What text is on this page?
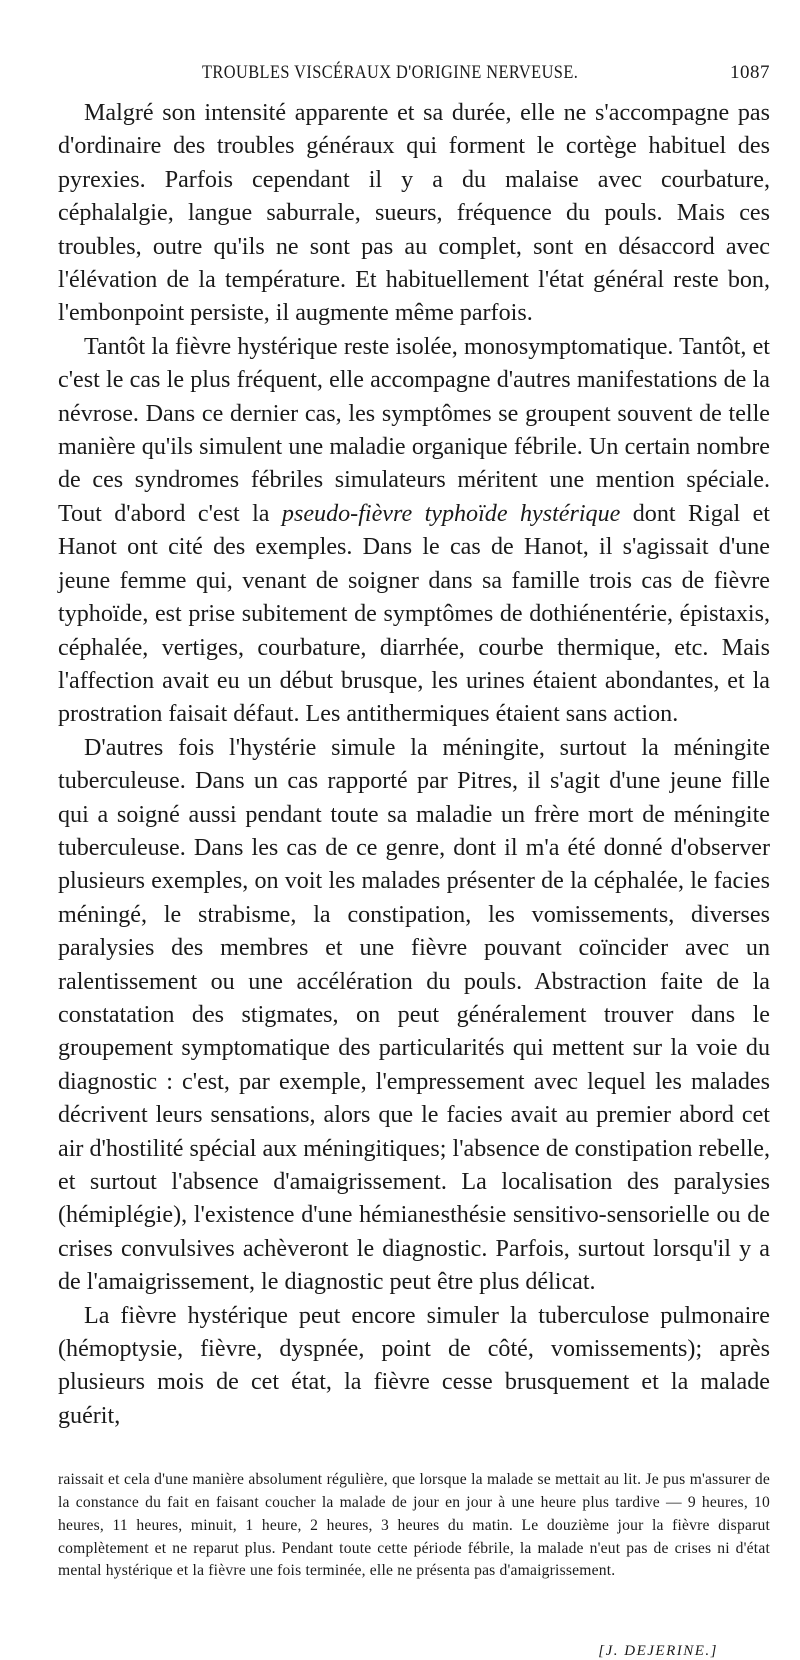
TROUBLES VISCÉRAUX D'ORIGINE NERVEUSE.	1087

Malgré son intensité apparente et sa durée, elle ne s'accompagne pas d'ordinaire des troubles généraux qui forment le cortège habituel des pyrexies. Parfois cependant il y a du malaise avec courbature, céphalalgie, langue saburrale, sueurs, fréquence du pouls. Mais ces troubles, outre qu'ils ne sont pas au complet, sont en désaccord avec l'élévation de la température. Et habituellement l'état général reste bon, l'embonpoint persiste, il augmente même parfois.

Tantôt la fièvre hystérique reste isolée, monosymptomatique. Tantôt, et c'est le cas le plus fréquent, elle accompagne d'autres manifestations de la névrose. Dans ce dernier cas, les symptômes se groupent souvent de telle manière qu'ils simulent une maladie organique fébrile. Un certain nombre de ces syndromes fébriles simulateurs méritent une mention spéciale. Tout d'abord c'est la pseudo-fièvre typhoïde hystérique dont Rigal et Hanot ont cité des exemples. Dans le cas de Hanot, il s'agissait d'une jeune femme qui, venant de soigner dans sa famille trois cas de fièvre typhoïde, est prise subitement de symptômes de dothiénentérie, épistaxis, céphalée, vertiges, courbature, diarrhée, courbe thermique, etc. Mais l'affection avait eu un début brusque, les urines étaient abondantes, et la prostration faisait défaut. Les antithermiques étaient sans action.

D'autres fois l'hystérie simule la méningite, surtout la méningite tuberculeuse. Dans un cas rapporté par Pitres, il s'agit d'une jeune fille qui a soigné aussi pendant toute sa maladie un frère mort de méningite tuberculeuse. Dans les cas de ce genre, dont il m'a été donné d'observer plusieurs exemples, on voit les malades présenter de la céphalée, le facies méningé, le strabisme, la constipation, les vomissements, diverses paralysies des membres et une fièvre pouvant coïncider avec un ralentissement ou une accélération du pouls. Abstraction faite de la constatation des stigmates, on peut généralement trouver dans le groupement symptomatique des particularités qui mettent sur la voie du diagnostic : c'est, par exemple, l'empressement avec lequel les malades décrivent leurs sensations, alors que le facies avait au premier abord cet air d'hostilité spécial aux méningitiques; l'absence de constipation rebelle, et surtout l'absence d'amaigrissement. La localisation des paralysies (hémiplégie), l'existence d'une hémianesthésie sensitivo-sensorielle ou de crises convulsives achèveront le diagnostic. Parfois, surtout lorsqu'il y a de l'amaigrissement, le diagnostic peut être plus délicat.

La fièvre hystérique peut encore simuler la tuberculose pulmonaire (hémoptysie, fièvre, dyspnée, point de côté, vomissements); après plusieurs mois de cet état, la fièvre cesse brusquement et la malade guérit,

raissait et cela d'une manière absolument régulière, que lorsque la malade se mettait au lit. Je pus m'assurer de la constance du fait en faisant coucher la malade de jour en jour à une heure plus tardive — 9 heures, 10 heures, 11 heures, minuit, 1 heure, 2 heures, 3 heures du matin. Le douzième jour la fièvre disparut complètement et ne reparut plus. Pendant toute cette période fébrile, la malade n'eut pas de crises ni d'état mental hystérique et la fièvre une fois terminée, elle ne présenta pas d'amaigrissement.
[J. DEJERINE.]
